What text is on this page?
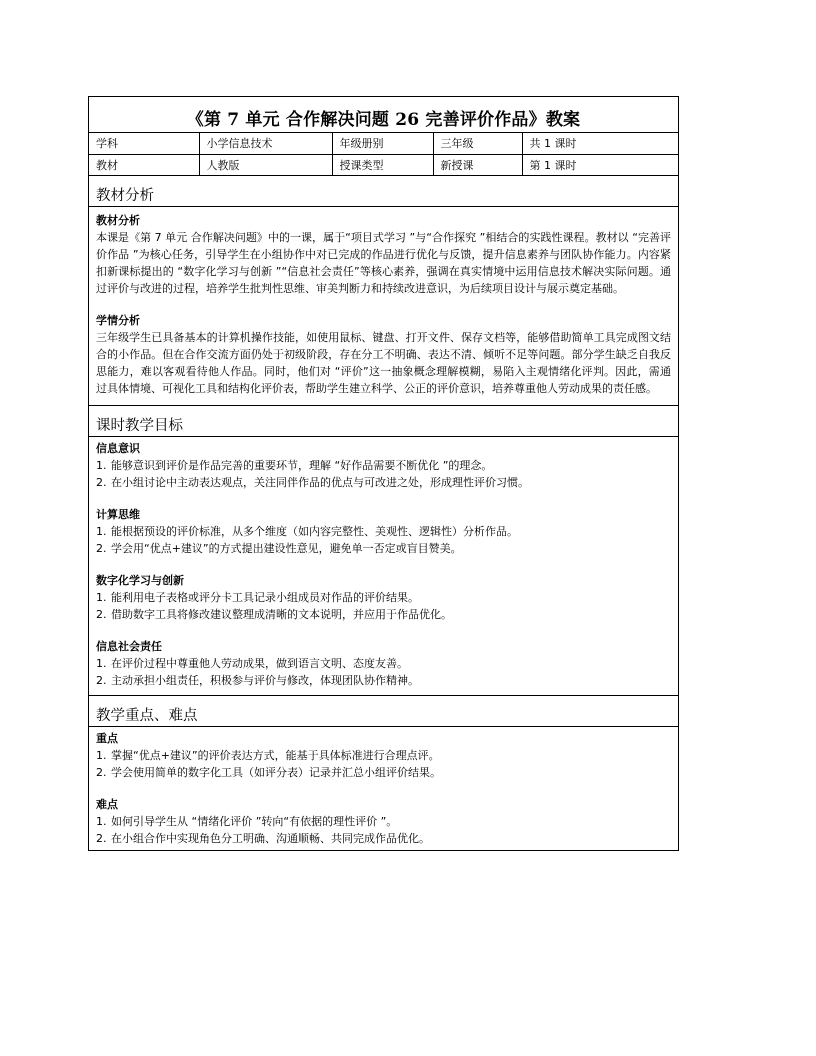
《第 7 单元 合作解决问题 26 完善评价作品》教案
学科	小学信息技术	年级册别	三年级	共 1 课时
教材	人教版	授课类型	新授课	第 1 课时
教材分析
教材分析

本课是《第 7 单元 合作解决问题》中的一课，属于“项目式学习 ”与“合作探究 ”相结合的实践性课程。教材以 “完善评价作品 ”为核心任务，引导学生在小组协作中对已完成的作品进行优化与反馈，提升信息素养与团队协作能力。内容紧扣新课标提出的 “数字化学习与创新 ”“信息社会责任”等核心素养，强调在真实情境中运用信息技术解决实际问题。通过评价与改进的过程，培养学生批判性思维、审美判断力和持续改进意识，为后续项目设计与展示奠定基础。

学情分析

三年级学生已具备基本的计算机操作技能，如使用鼠标、键盘、打开文件、保存文档等，能够借助简单工具完成图文结合的小作品。但在合作交流方面仍处于初级阶段，存在分工不明确、表达不清、倾听不足等问题。部分学生缺乏自我反思能力，难以客观看待他人作品。同时，他们对 “评价”这一抽象概念理解模糊，易陷入主观情绪化评判。因此，需通过具体情境、可视化工具和结构化评价表，帮助学生建立科学、公正的评价意识，培养尊重他人劳动成果的责任感。

课时教学目标
信息意识
1. 能够意识到评价是作品完善的重要环节，理解 “好作品需要不断优化 ”的理念。
2. 在小组讨论中主动表达观点，关注同伴作品的优点与可改进之处，形成理性评价习惯。
计算思维
1. 能根据预设的评价标准，从多个维度（如内容完整性、美观性、逻辑性）分析作品。
2. 学会用“优点+建议”的方式提出建设性意见，避免单一否定或盲目赞美。
数字化学习与创新
1. 能利用电子表格或评分卡工具记录小组成员对作品的评价结果。
2. 借助数字工具将修改建议整理成清晰的文本说明，并应用于作品优化。
信息社会责任
1. 在评价过程中尊重他人劳动成果，做到语言文明、态度友善。
2. 主动承担小组责任，积极参与评价与修改，体现团队协作精神。
教学重点、难点
重点
1. 掌握“优点+建议”的评价表达方式，能基于具体标准进行合理点评。
2. 学会使用简单的数字化工具（如评分表）记录并汇总小组评价结果。
难点
1. 如何引导学生从 “情绪化评价 ”转向“有依据的理性评价 ”。
2. 在小组合作中实现角色分工明确、沟通顺畅、共同完成作品优化。
